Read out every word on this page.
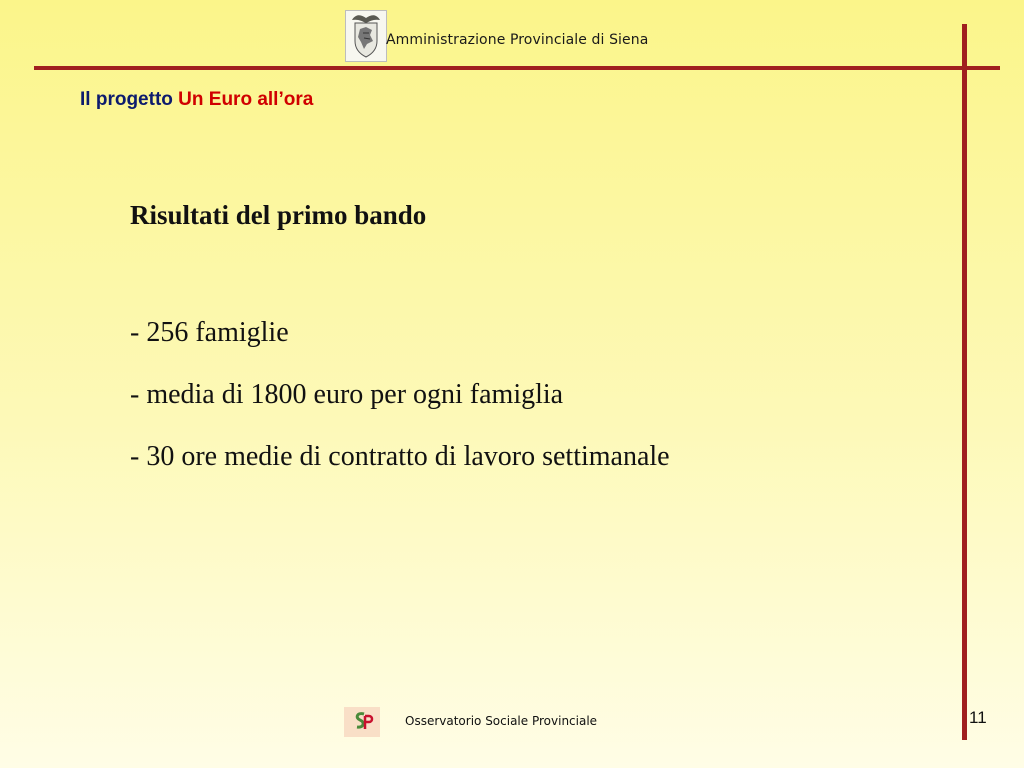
Amministrazione Provinciale di Siena
Il progetto Un Euro all’ora

Risultati del primo bando

- 256 famiglie
- media di 1800 euro per ogni famiglia
- 30 ore medie di contratto di lavoro settimanale
Osservatorio Sociale Provinciale	11
